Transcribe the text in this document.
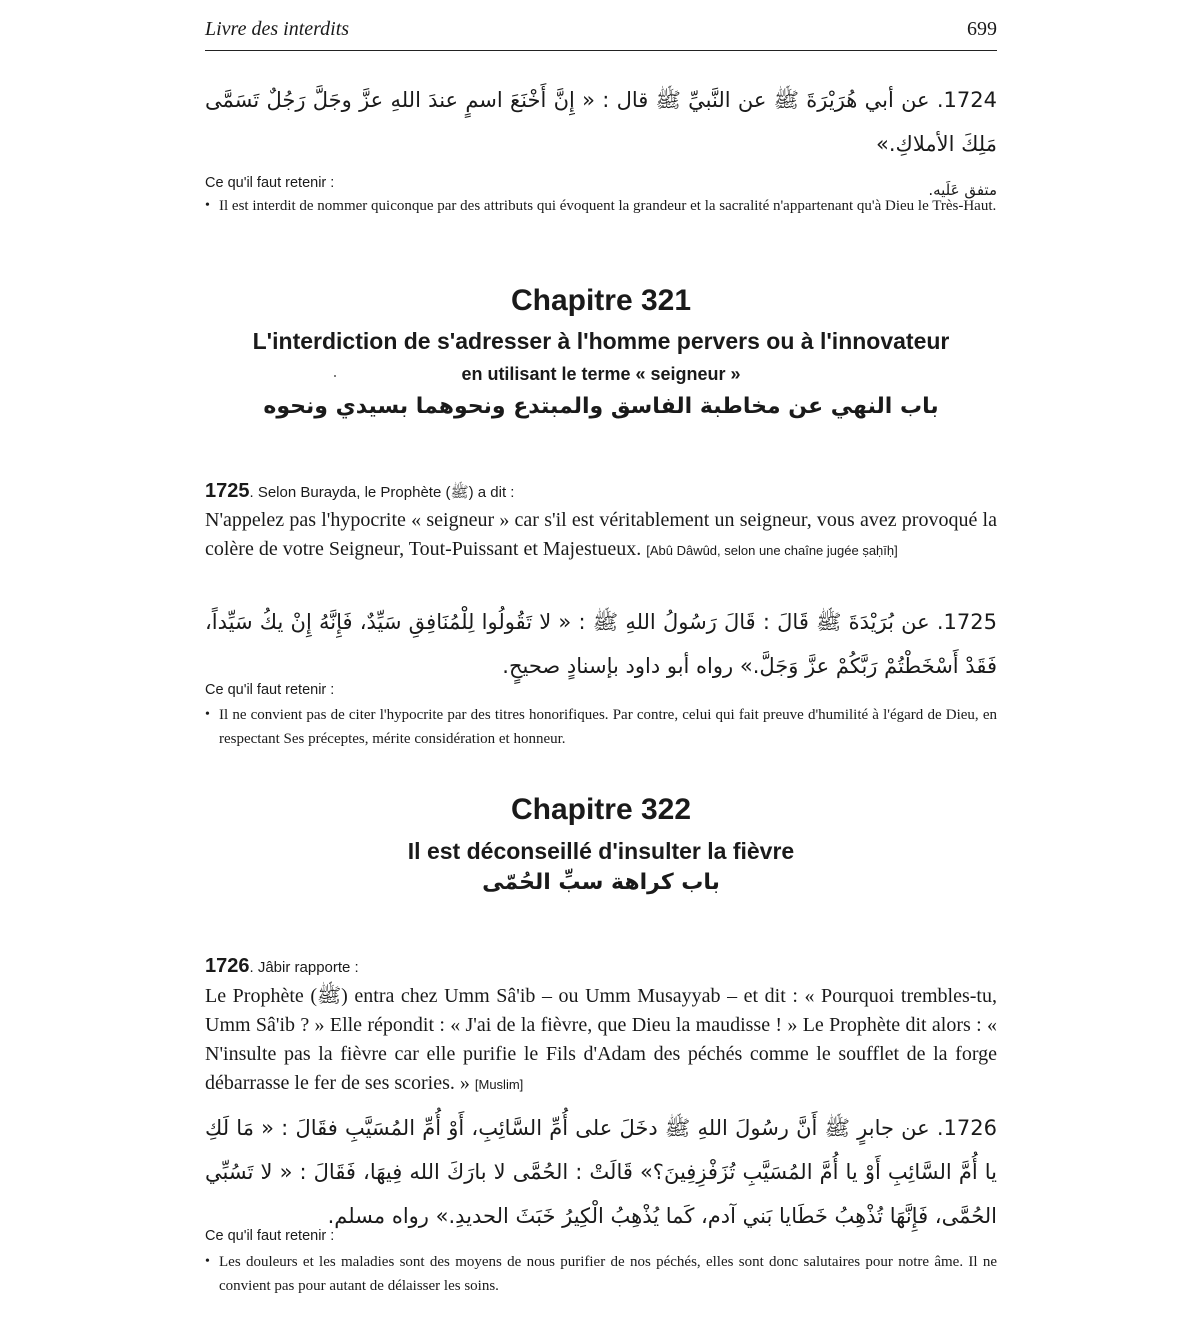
Livre des interdits	699
1724. عن أبي هُرَيْرَةَ ﷺ عن النَّبيِّ ﷺ قال : « إِنَّ أَخْنَعَ اسمٍ عندَ اللهِ عزَّ وجَلَّ رَجُلٌ تَسَمَّى مَلِكَ الأملاكِ.»
متفق عَلَيه.
Ce qu'il faut retenir :
• Il est interdit de nommer quiconque par des attributs qui évoquent la grandeur et la sacralité n'appartenant qu'à Dieu le Très-Haut.
Chapitre 321
L'interdiction de s'adresser à l'homme pervers ou à l'innovateur
en utilisant le terme « seigneur »
باب النهي عن مخاطبة الفاسق والمبتدع ونحوهما بسيدي ونحوه
1725. Selon Burayda, le Prophète (ﷺ) a dit :
N'appelez pas l'hypocrite « seigneur » car s'il est véritablement un seigneur, vous avez provoqué la colère de votre Seigneur, Tout-Puissant et Majestueux. [Abû Dâwûd, selon une chaîne jugée ṣaḥīḥ]
1725. عن بُرَيْدَةَ ﷺ قَالَ : قَالَ رَسُولُ اللهِ ﷺ : « لا تَقُولُوا لِلْمُنَافِقِ سَيِّدٌ، فَإِنَّهُ إِنْ يكُ سَيِّداً، فَقَدْ أَسْخَطْتُمْ رَبَّكُمْ عزَّ وَجَلَّ.» رواه أبو داود بإسنادٍ صحيحٍ.
Ce qu'il faut retenir :
• Il ne convient pas de citer l'hypocrite par des titres honorifiques. Par contre, celui qui fait preuve d'humilité à l'égard de Dieu, en respectant Ses préceptes, mérite considération et honneur.
Chapitre 322
Il est déconseillé d'insulter la fièvre
باب كراهة سبِّ الحُمّى
1726. Jâbir rapporte :
Le Prophète (ﷺ) entra chez Umm Sâ'ib – ou Umm Musayyab – et dit : « Pourquoi trembles-tu, Umm Sâ'ib ? » Elle répondit : « J'ai de la fièvre, que Dieu la maudisse ! » Le Prophète dit alors : « N'insulte pas la fièvre car elle purifie le Fils d'Adam des péchés comme le soufflet de la forge débarrasse le fer de ses scories. » [Muslim]
1726. عن جابرٍ ﷺ أَنَّ رسُولَ اللهِ ﷺ دخَلَ على أُمِّ السَّائِبِ، أَوْ أُمِّ المُسَيَّبِ فقَالَ : « مَا لَكِ يا أُمَّ السَّائِبِ أَوْ يا أُمَّ المُسَيَّبِ تُزَفْزِفِينَ؟» قَالَتْ : الحُمَّى لا بارَكَ الله فِيهَا، فَقَالَ : « لا تَسُبِّي الحُمَّى، فَإِنَّهَا تُذْهِبُ خَطَايا بَني آدم، كَما يُذْهِبُ الْكِيرُ خَبَثَ الحديدِ.» رواه مسلم.
Ce qu'il faut retenir :
• Les douleurs et les maladies sont des moyens de nous purifier de nos péchés, elles sont donc salutaires pour notre âme. Il ne convient pas pour autant de délaisser les soins.
